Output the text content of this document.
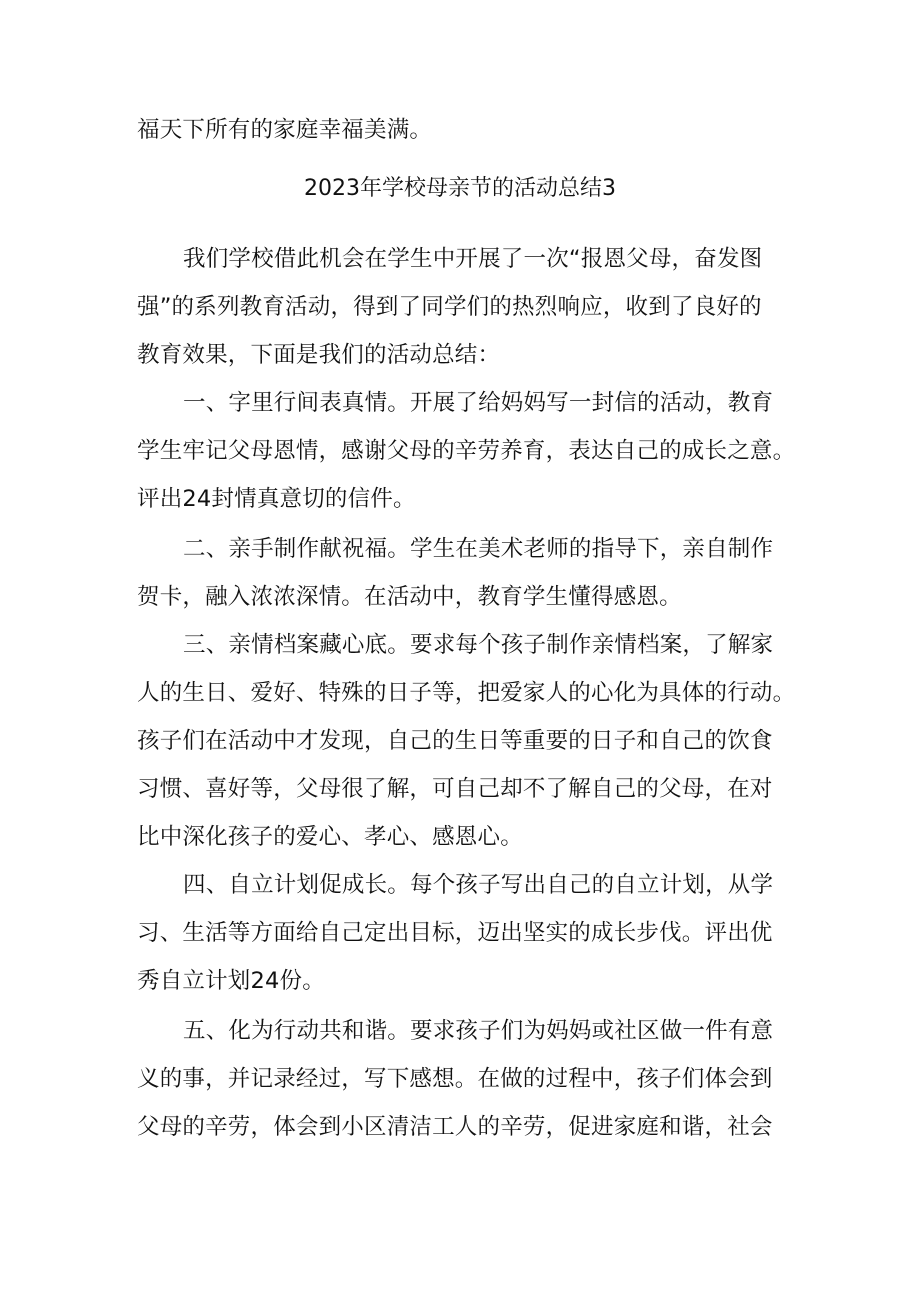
福天下所有的家庭幸福美满。
2023年学校母亲节的活动总结3
我们学校借此机会在学生中开展了一次“报恩父母，奋发图
强”的系列教育活动，得到了同学们的热烈响应，收到了良好的
教育效果，下面是我们的活动总结：
一、字里行间表真情。开展了给妈妈写一封信的活动，教育
学生牢记父母恩情，感谢父母的辛劳养育，表达自己的成长之意。
评出24封情真意切的信件。
二、亲手制作献祝福。学生在美术老师的指导下，亲自制作
贺卡，融入浓浓深情。在活动中，教育学生懂得感恩。
三、亲情档案藏心底。要求每个孩子制作亲情档案，了解家
人的生日、爱好、特殊的日子等，把爱家人的心化为具体的行动。
孩子们在活动中才发现，自己的生日等重要的日子和自己的饮食
习惯、喜好等，父母很了解，可自己却不了解自己的父母，在对
比中深化孩子的爱心、孝心、感恩心。
四、自立计划促成长。每个孩子写出自己的自立计划，从学
习、生活等方面给自己定出目标，迈出坚实的成长步伐。评出优
秀自立计划24份。
五、化为行动共和谐。要求孩子们为妈妈或社区做一件有意
义的事，并记录经过，写下感想。在做的过程中，孩子们体会到
父母的辛劳，体会到小区清洁工人的辛劳，促进家庭和谐，社会
